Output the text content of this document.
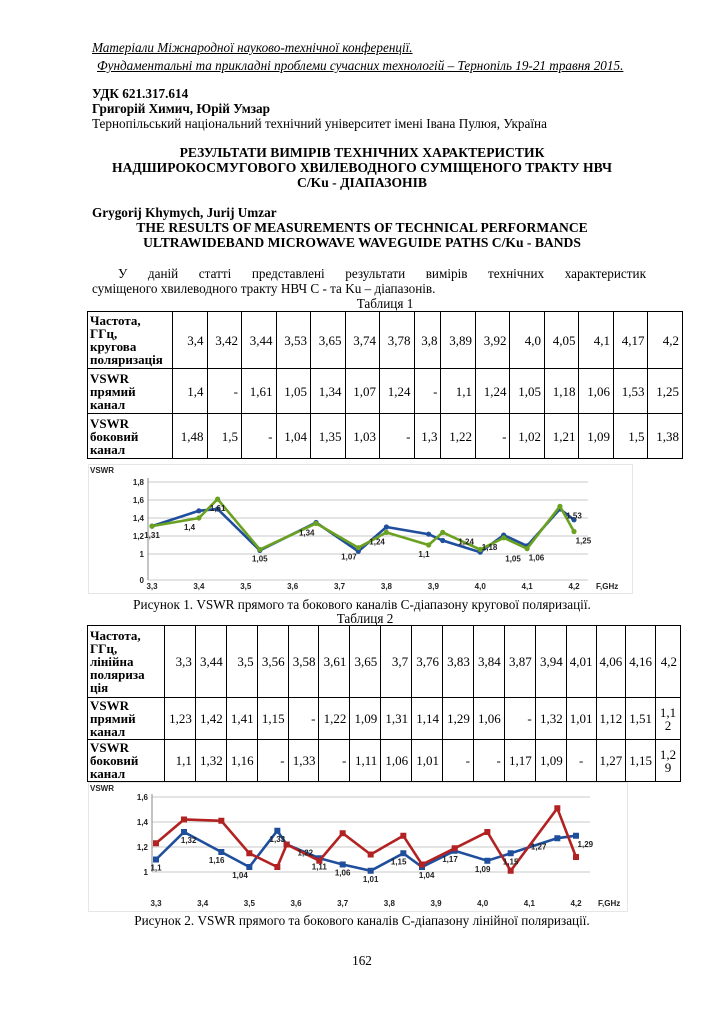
Матеріали Міжнародної науково-технічної конференції.
Фундаментальні та прикладні проблеми сучасних технологій – Тернопіль 19-21 травня 2015.
УДК 621.317.614
Григорій Химич, Юрій Умзар
Тернопільський національний технічний університет імені Івана Пулюя, Україна
РЕЗУЛЬТАТИ ВИМІРІВ ТЕХНІЧНИХ ХАРАКТЕРИСТИК
НАДШИРОКОСМУГОВОГО ХВИЛЕВОДНОГО СУМІЩЕНОГО ТРАКТУ НВЧ
C/Ku - ДІАПАЗОНІВ
Grygorij Khymych, Jurij Umzar
THE RESULTS OF MEASUREMENTS OF TECHNICAL PERFORMANCE
ULTRAWIDEBAND MICROWAVE WAVEGUIDE PATHS C/Ku - BANDS
У даній статті представлені результати вимірів технічних характеристик
суміщеного хвилеводного тракту НВЧ C - та Ku – діапазонів.
Таблиця 1
Частота,
ГГц,
кругова
поляризація	3,4	3,42	3,44	3,53	3,65	3,74	3,78	3,8	3,89	3,92	4,0	4,05	4,1	4,17	4,2

VSWR
прямий
канал	1,4	-	1,61	1,05	1,34	1,07	1,24	-	1,1	1,24	1,05	1,18	1,06	1,53	1,25

VSWR
боковий
канал	1,48	1,5	-	1,04	1,35	1,03	-	1,3	1,22	-	1,02	1,21	1,09	1,5	1,38
0
1
1,2
1,4
1,6
1,8
VSWR
3,3	3,4	3,5	3,6	3,7	3,8	3,9	4,0	4,1	4,2 F,GHz
1,31
1,4
1,61
1,05
1,34
1,07
1,24
1,1
1,24
1,05
1,18
1,06
1,53
1,25
Рисунок 1. VSWR прямого та бокового каналів С-діапазону кругової поляризації.
Таблиця 2
Частота,
ГГц,
лінійна
поляриза
ція	3,3	3,44	3,5	3,56	3,58	3,61	3,65	3,7	3,76	3,83	3,84	3,87	3,94	4,01	4,06	4,16	4,2

VSWR
прямий
канал	1,23	1,42	1,41	1,15	-	1,22	1,09	1,31	1,14	1,29	1,06	-	1,32	1,01	1,12	1,51	1,12

VSWR
боковий
канал	1,1	1,32	1,16	-	1,33	-	1,11	1,06	1,01	-	-	1,17	1,09	-	1,27	1,15	1,29
1
1,2
1,4
1,6
VSWR
3,3	3,4	3,5	3,6	3,7	3,8	3,9	4,0	4,1	4,2 F,GHz
1,1
1,32
1,16
1,04
1,33
1,22
1,11
1,06
1,01
1,15
1,04
1,17
1,09
1,15
1,27	1,29
Рисунок 2. VSWR прямого та бокового каналів С-діапазону лінійної поляризації.
162
